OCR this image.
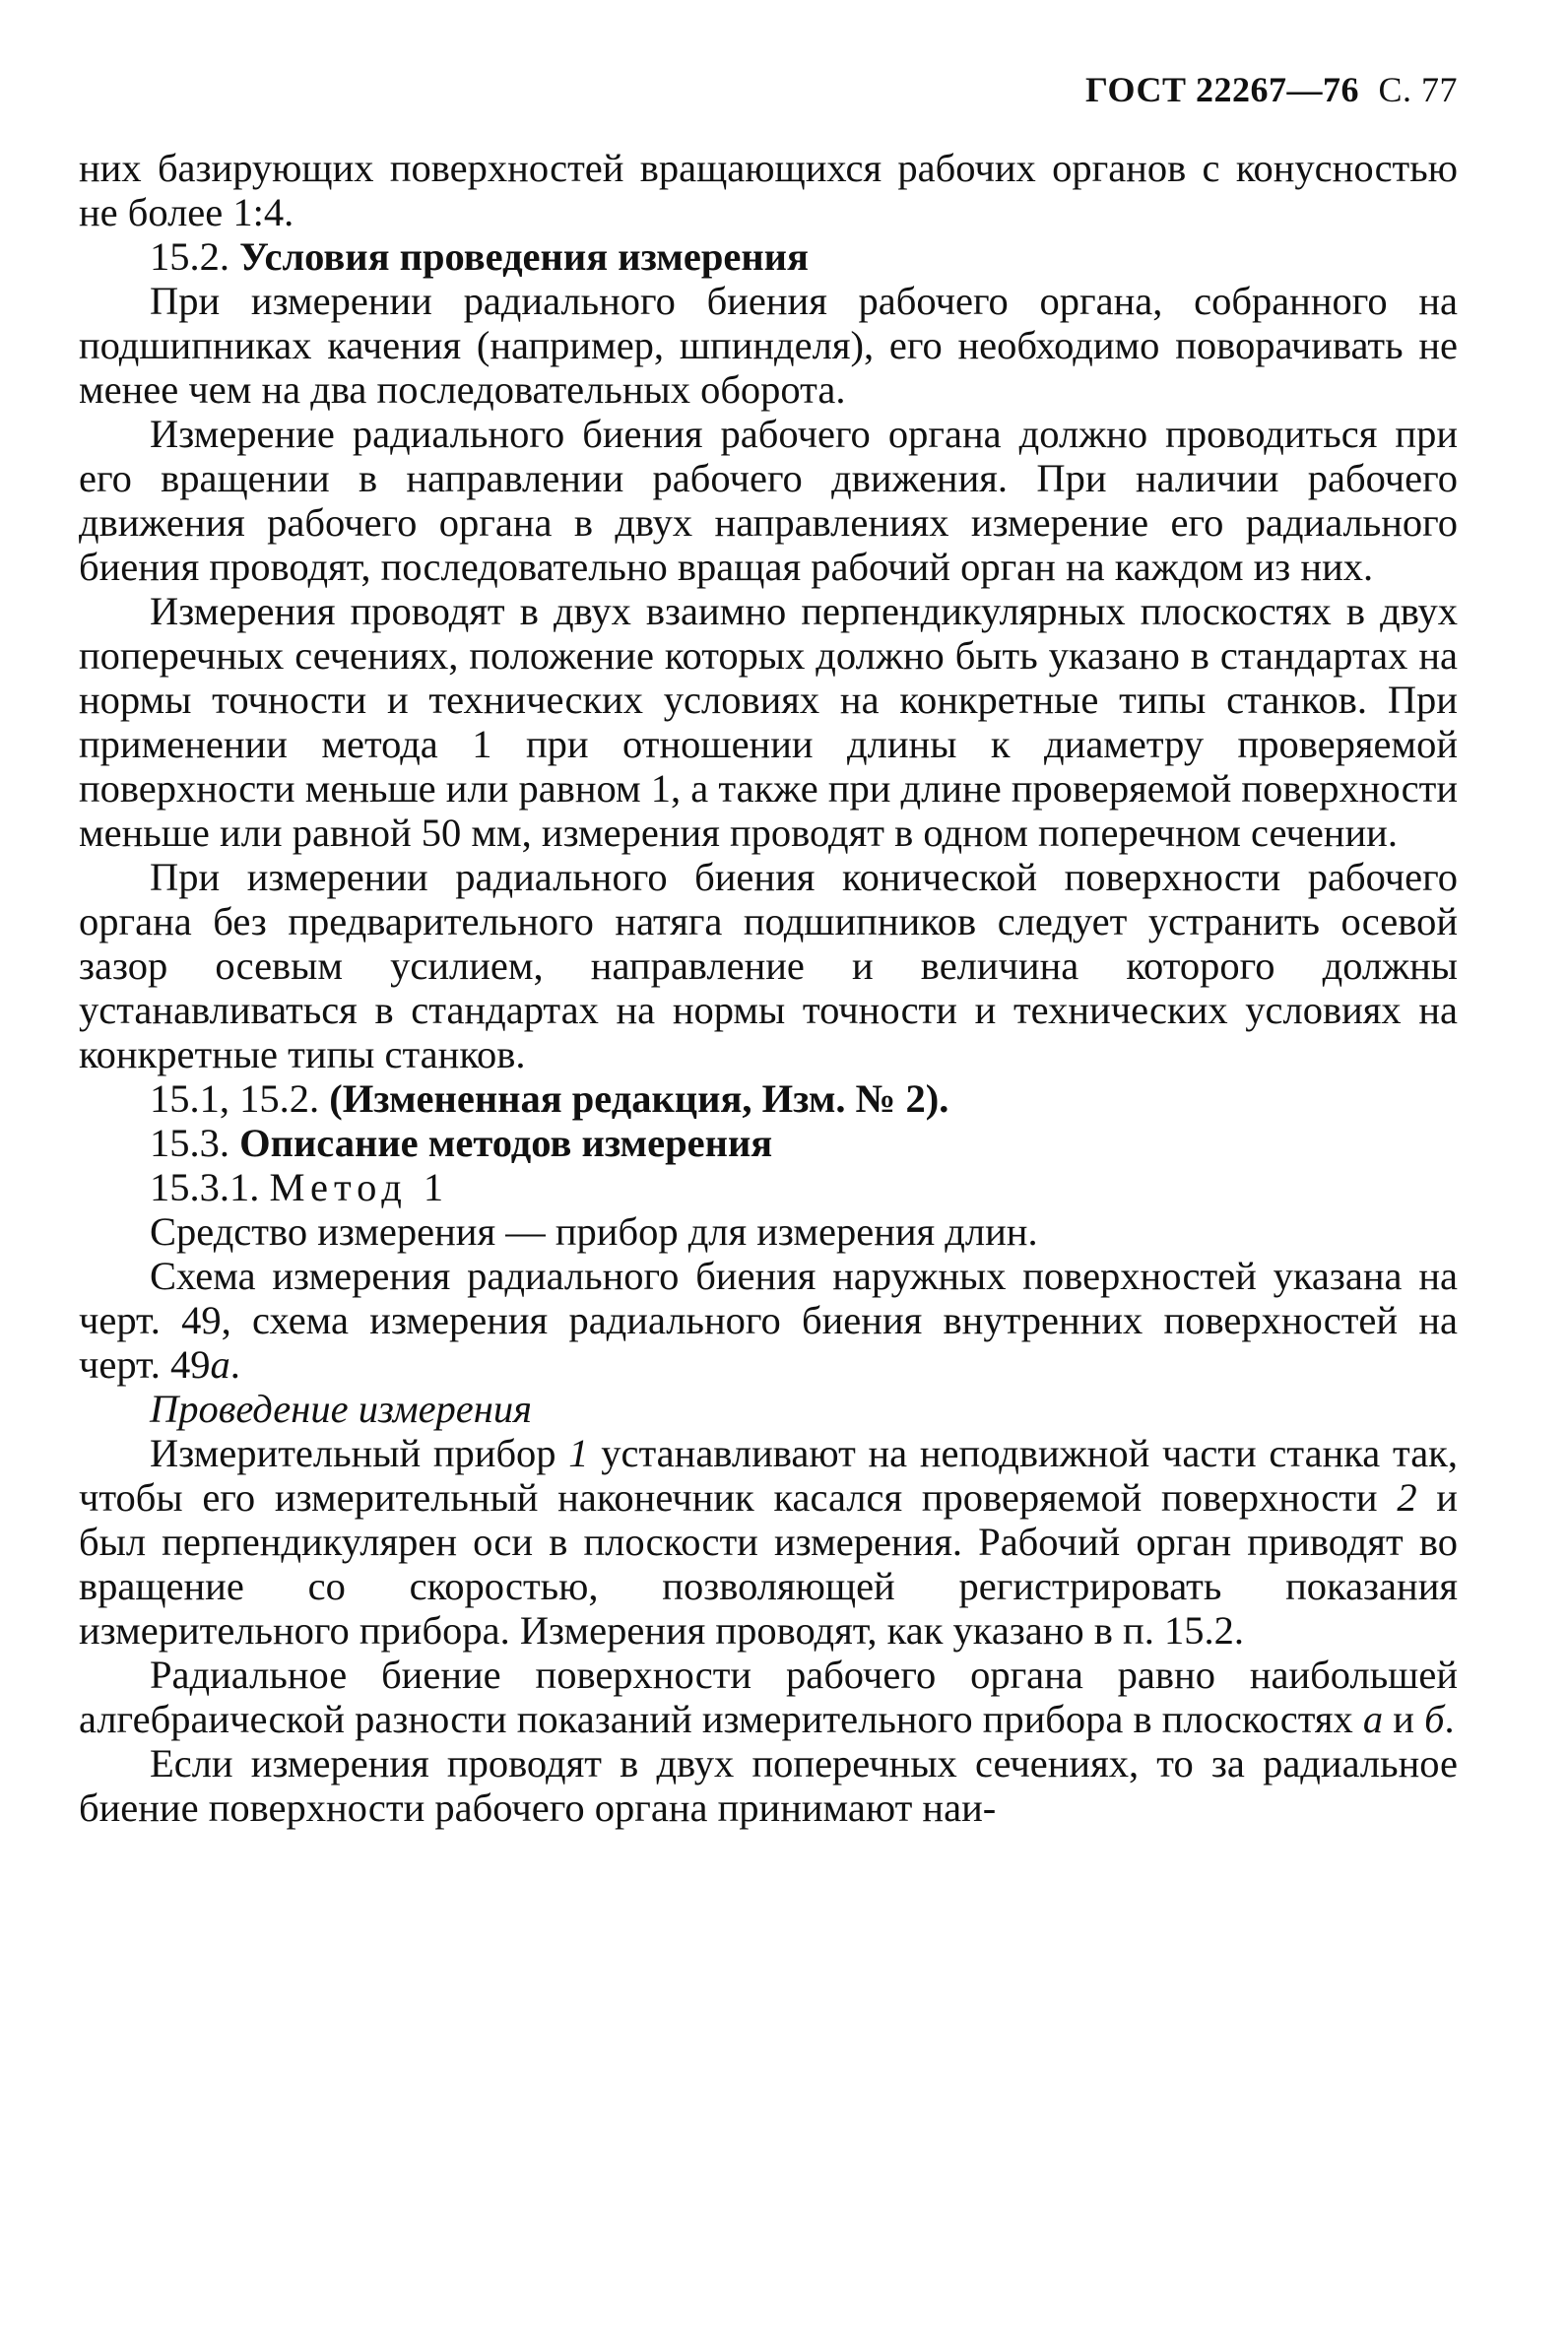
ГОСТ 22267—76 С. 77

них базирующих поверхностей вращающихся рабочих органов с конусностью не более 1:4.

15.2. Условия проведения измерения

При измерении радиального биения рабочего органа, собранного на подшипниках качения (например, шпинделя), его необходимо поворачивать не менее чем на два последовательных оборота.

Измерение радиального биения рабочего органа должно проводиться при его вращении в направлении рабочего движения. При наличии рабочего движения рабочего органа в двух направлениях измерение его радиального биения проводят, последовательно вращая рабочий орган на каждом из них.

Измерения проводят в двух взаимно перпендикулярных плоскостях в двух поперечных сечениях, положение которых должно быть указано в стандартах на нормы точности и технических условиях на конкретные типы станков. При применении метода 1 при отношении длины к диаметру проверяемой поверхности меньше или равном 1, а также при длине проверяемой поверхности меньше или равной 50 мм, измерения проводят в одном поперечном сечении.

При измерении радиального биения конической поверхности рабочего органа без предварительного натяга подшипников следует устранить осевой зазор осевым усилием, направление и величина которого должны устанавливаться в стандартах на нормы точности и технических условиях на конкретные типы станков.

15.1, 15.2. (Измененная редакция, Изм. № 2).

15.3. Описание методов измерения

15.3.1. Метод 1

Средство измерения — прибор для измерения длин.

Схема измерения радиального биения наружных поверхностей указана на черт. 49, схема измерения радиального биения внутренних поверхностей на черт. 49а.

Проведение измерения

Измерительный прибор 1 устанавливают на неподвижной части станка так, чтобы его измерительный наконечник касался проверяемой поверхности 2 и был перпендикулярен оси в плоскости измерения. Рабочий орган приводят во вращение со скоростью, позволяющей регистрировать показания измерительного прибора. Измерения проводят, как указано в п. 15.2.

Радиальное биение поверхности рабочего органа равно наибольшей алгебраической разности показаний измерительного прибора в плоскостях а и б.

Если измерения проводят в двух поперечных сечениях, то за радиальное биение поверхности рабочего органа принимают наи-
